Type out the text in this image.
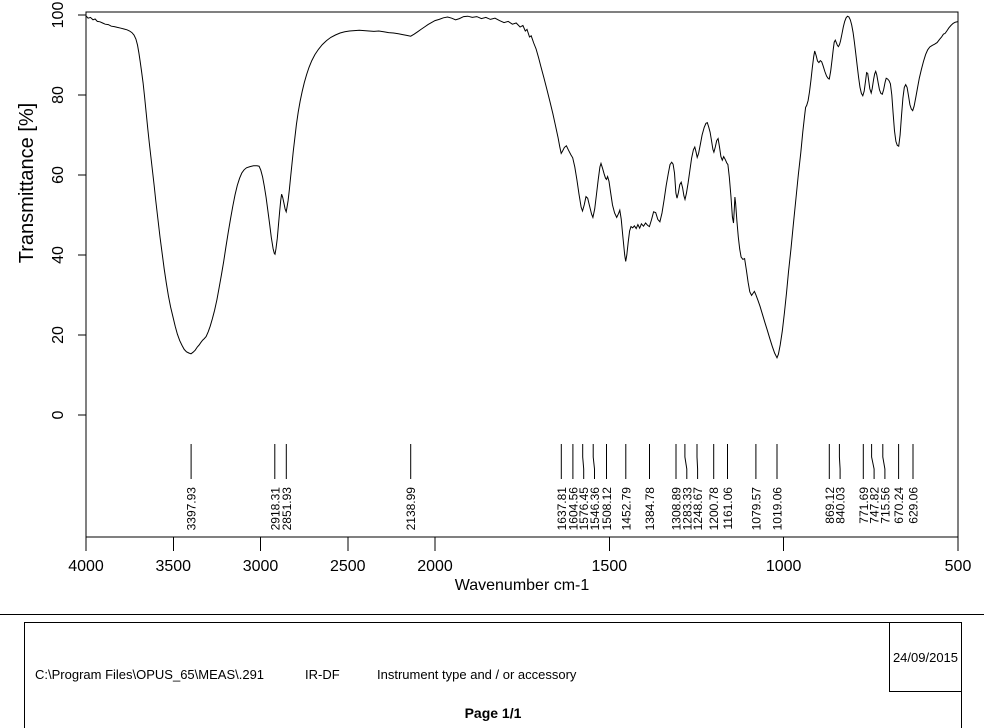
100
80
60
40
20
0
4000	3500	3000	2500	2000	1500	1000	500
Wavenumber cm-1
Transmittance [%]
3397.93	2918.31
2851.93	2138.99	1637.81
1604.56
1576.45
1546.36
1508.12 1452.79 1384.78 1308.89
1283.33
1248.67 1200.78 1161.06 1079.57 1019.06	869.12
840.03 771.69
747.82
715.56 670.24 629.06
C:\Program Files\OPUS_65\MEAS\.291	IR-DF	Instrument type and / or accessory
24/09/2015
Page 1/1
